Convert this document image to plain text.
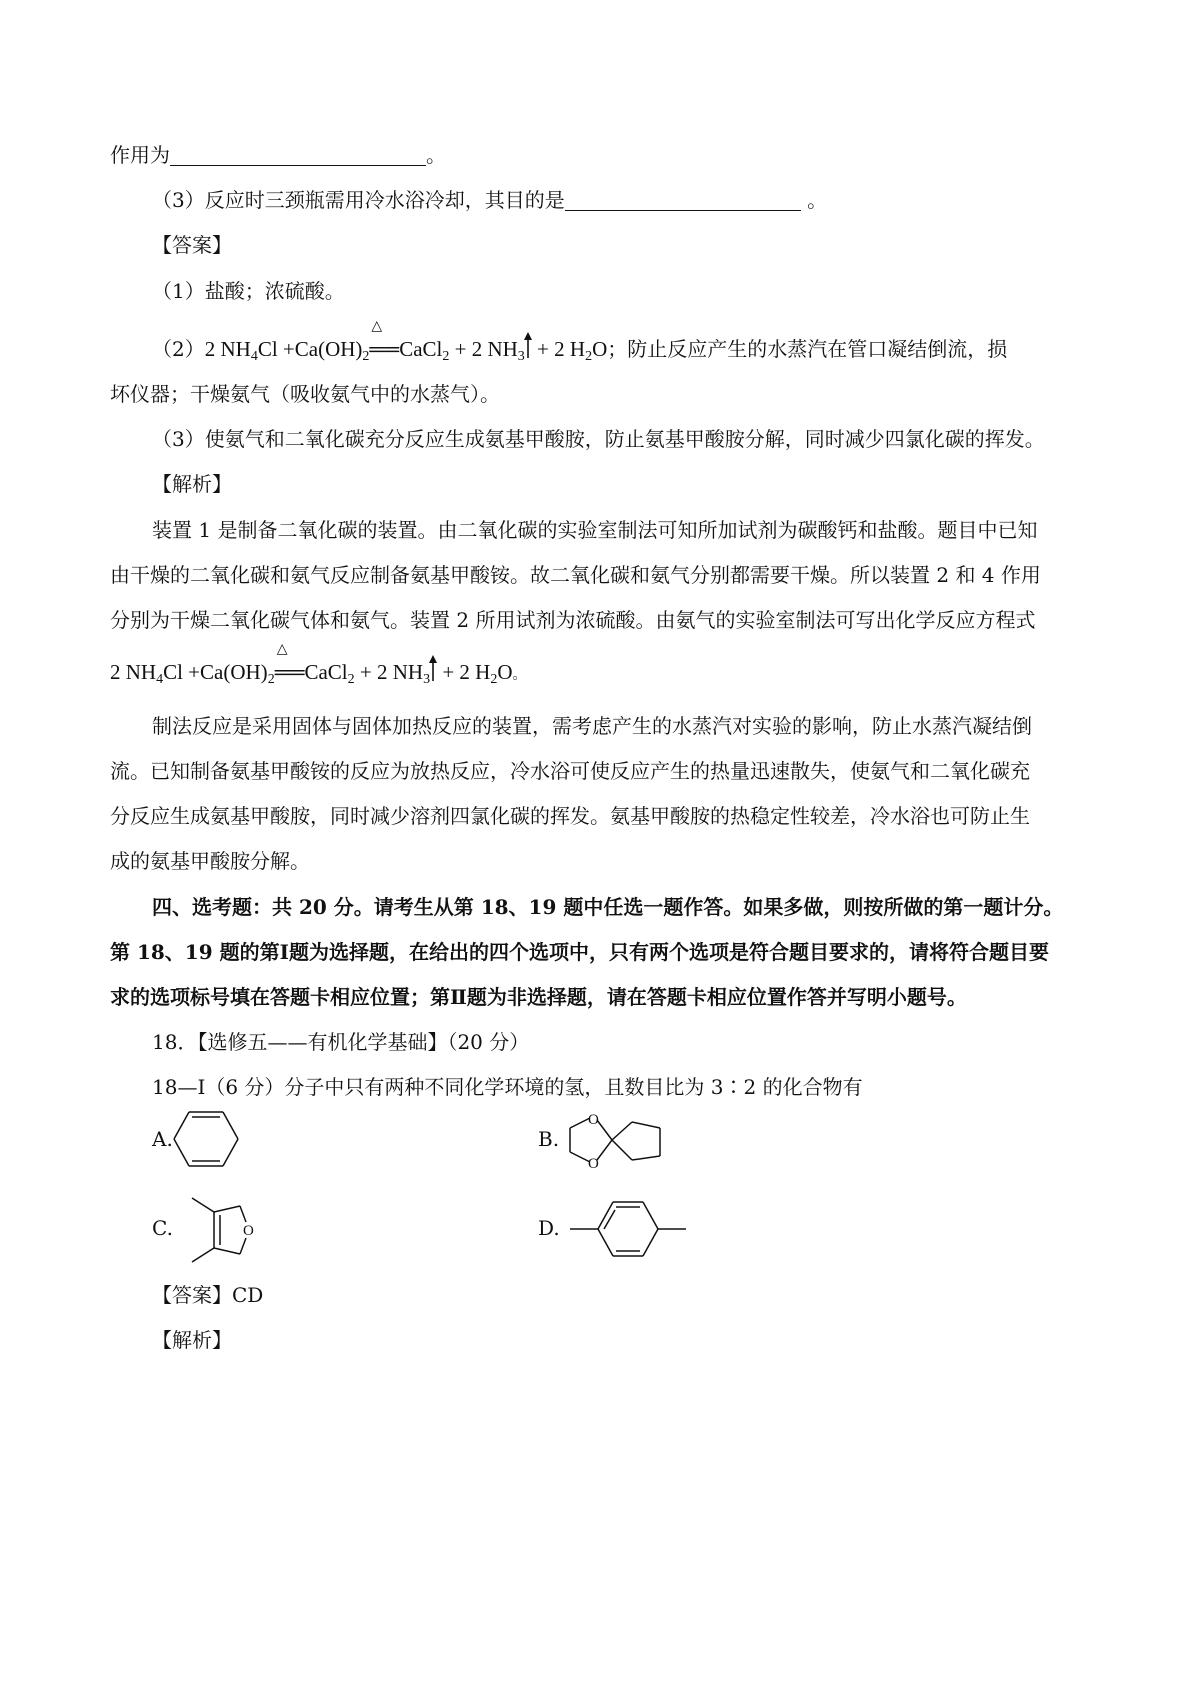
作用为	。
（3）反应时三颈瓶需用冷水浴冷却，其目的是	。
【答案】
（1）盐酸；浓硫酸。
（2）2 $NH_4Cl +Ca(OH)_2$
△
══CaCl$_2$ + 2 $NH_3$
+ 2 $H_2O$；防止反应产生的水蒸汽在管口凝结倒流，损
坏仪器；干燥氨气（吸收氨气中的水蒸气）。
（3）使氨气和二氧化碳充分反应生成氨基甲酸胺，防止氨基甲酸胺分解，同时减少四氯化碳的挥发。
【解析】
装置 1 是制备二氧化碳的装置。由二氧化碳的实验室制法可知所加试剂为碳酸钙和盐酸。题目中已知
由干燥的二氧化碳和氨气反应制备氨基甲酸铵。故二氧化碳和氨气分别都需要干燥。所以装置 2 和 4 作用
分别为干燥二氧化碳气体和氨气。装置 2 所用试剂为浓硫酸。由氨气的实验室制法可写出化学反应方程式
2 $NH_4Cl +Ca(OH)_2$
△
══CaCl$_2$ + 2 $NH_3$
+ 2 $H_2O$。
制法反应是采用固体与固体加热反应的装置，需考虑产生的水蒸汽对实验的影响，防止水蒸汽凝结倒
流。已知制备氨基甲酸铵的反应为放热反应，冷水浴可使反应产生的热量迅速散失，使氨气和二氧化碳充
分反应生成氨基甲酸胺，同时减少溶剂四氯化碳的挥发。氨基甲酸胺的热稳定性较差，冷水浴也可防止生
成的氨基甲酸胺分解。
四、选考题：共 20 分。请考生从第 18、19 题中任选一题作答。如果多做，则按所做的第一题计分。
第 18、19 题的第Ⅰ题为选择题，在给出的四个选项中，只有两个选项是符合题目要求的，请将符合题目要
求的选项标号填在答题卡相应位置；第Ⅱ题为非选择题，请在答题卡相应位置作答并写明小题号。
18．【选修五——有机化学基础】（20 分）
18—Ⅰ（6 分）分子中只有两种不同化学环境的氢，且数目比为 3∶2 的化合物有
A.	B.
O
O
C.	O	D.
【答案】CD
【解析】
